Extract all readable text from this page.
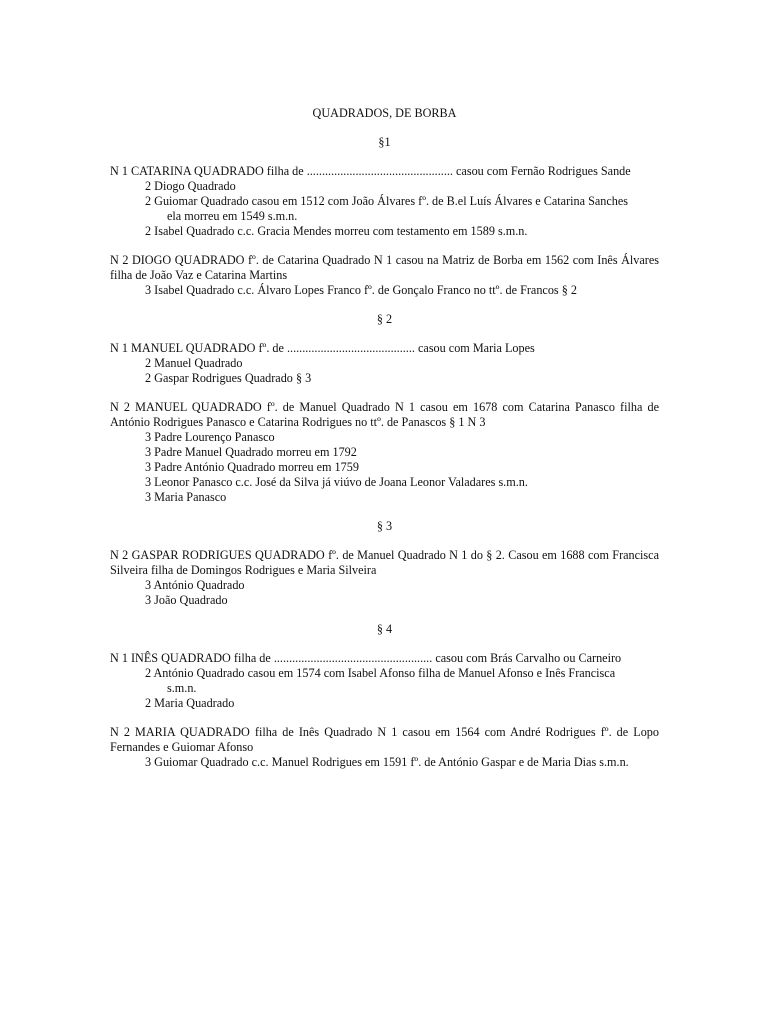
QUADRADOS, DE BORBA
§1
N 1 CATARINA QUADRADO filha de ................................................ casou com Fernão Rodrigues Sande
2 Diogo Quadrado
2 Guiomar Quadrado casou em 1512 com João Álvares fº. de B.el Luís Álvares e Catarina Sanches
ela morreu em 1549 s.m.n.
2 Isabel Quadrado c.c. Gracia Mendes morreu com testamento em 1589 s.m.n.
N 2 DIOGO QUADRADO fº. de Catarina Quadrado N 1 casou na Matriz de Borba em 1562 com Inês Álvares filha de João Vaz e Catarina Martins
3 Isabel Quadrado c.c. Álvaro Lopes Franco fº. de Gonçalo Franco no ttº. de Francos § 2
§ 2
N 1 MANUEL QUADRADO fº. de .......................................... casou com Maria Lopes
2 Manuel Quadrado
2 Gaspar Rodrigues Quadrado § 3
N 2 MANUEL QUADRADO fº. de Manuel Quadrado N 1 casou em 1678 com Catarina Panasco filha de António Rodrigues Panasco e Catarina Rodrigues no ttº. de Panascos § 1 N 3
3 Padre Lourenço Panasco
3 Padre Manuel Quadrado morreu em 1792
3 Padre António Quadrado morreu em 1759
3 Leonor Panasco c.c. José da Silva já viúvo de Joana Leonor Valadares s.m.n.
3 Maria Panasco
§ 3
N 2 GASPAR RODRIGUES QUADRADO fº. de Manuel Quadrado N 1 do § 2. Casou em 1688 com Francisca Silveira filha de Domingos Rodrigues e Maria Silveira
3 António Quadrado
3 João Quadrado
§ 4
N 1 INÊS QUADRADO filha de .................................................... casou com Brás Carvalho ou Carneiro
2 António Quadrado casou em 1574 com Isabel Afonso filha de Manuel Afonso e Inês Francisca
s.m.n.
2 Maria Quadrado
N 2 MARIA QUADRADO filha de Inês Quadrado N 1 casou em 1564 com André Rodrigues fº. de Lopo Fernandes e Guiomar Afonso
3 Guiomar Quadrado c.c. Manuel Rodrigues em 1591 fº. de António Gaspar e de Maria Dias s.m.n.
